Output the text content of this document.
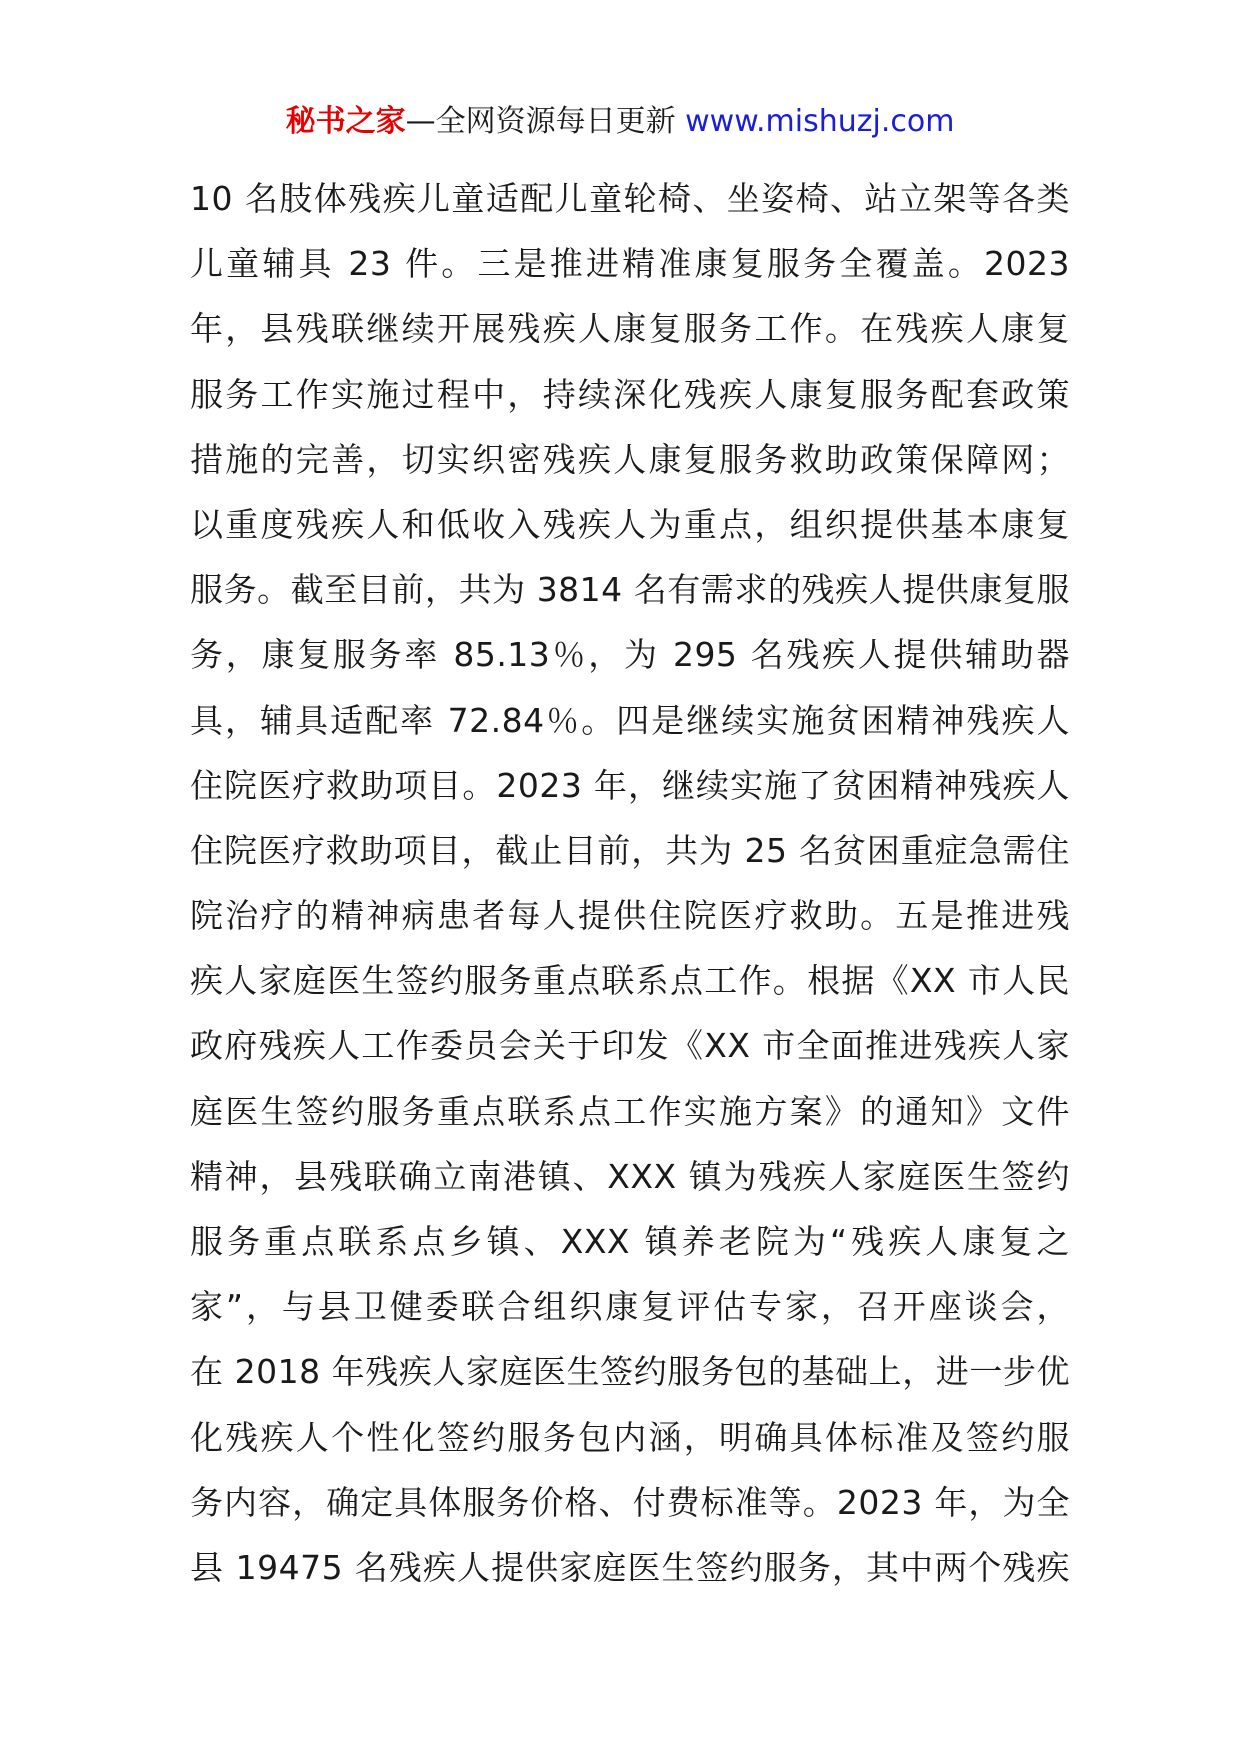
秘书之家—全网资源每日更新 www.mishuzj.com
10 名肢体残疾儿童适配儿童轮椅、坐姿椅、站立架等各类
儿童辅具 23 件。三是推进精准康复服务全覆盖。2023
年，县残联继续开展残疾人康复服务工作。在残疾人康复
服务工作实施过程中，持续深化残疾人康复服务配套政策
措施的完善，切实织密残疾人康复服务救助政策保障网；
以重度残疾人和低收入残疾人为重点，组织提供基本康复
服务。截至目前，共为 3814 名有需求的残疾人提供康复服
务，康复服务率 85.13％，为 295 名残疾人提供辅助器
具，辅具适配率 72.84％。四是继续实施贫困精神残疾人
住院医疗救助项目。2023 年，继续实施了贫困精神残疾人
住院医疗救助项目，截止目前，共为 25 名贫困重症急需住
院治疗的精神病患者每人提供住院医疗救助。五是推进残
疾人家庭医生签约服务重点联系点工作。根据《XX 市人民
政府残疾人工作委员会关于印发《XX 市全面推进残疾人家
庭医生签约服务重点联系点工作实施方案》的通知》文件
精神，县残联确立南港镇、XXX 镇为残疾人家庭医生签约
服务重点联系点乡镇、XXX 镇养老院为“残疾人康复之
家”，与县卫健委联合组织康复评估专家，召开座谈会，
在 2018 年残疾人家庭医生签约服务包的基础上，进一步优
化残疾人个性化签约服务包内涵，明确具体标准及签约服
务内容，确定具体服务价格、付费标准等。2023 年，为全
县 19475 名残疾人提供家庭医生签约服务，其中两个残疾
